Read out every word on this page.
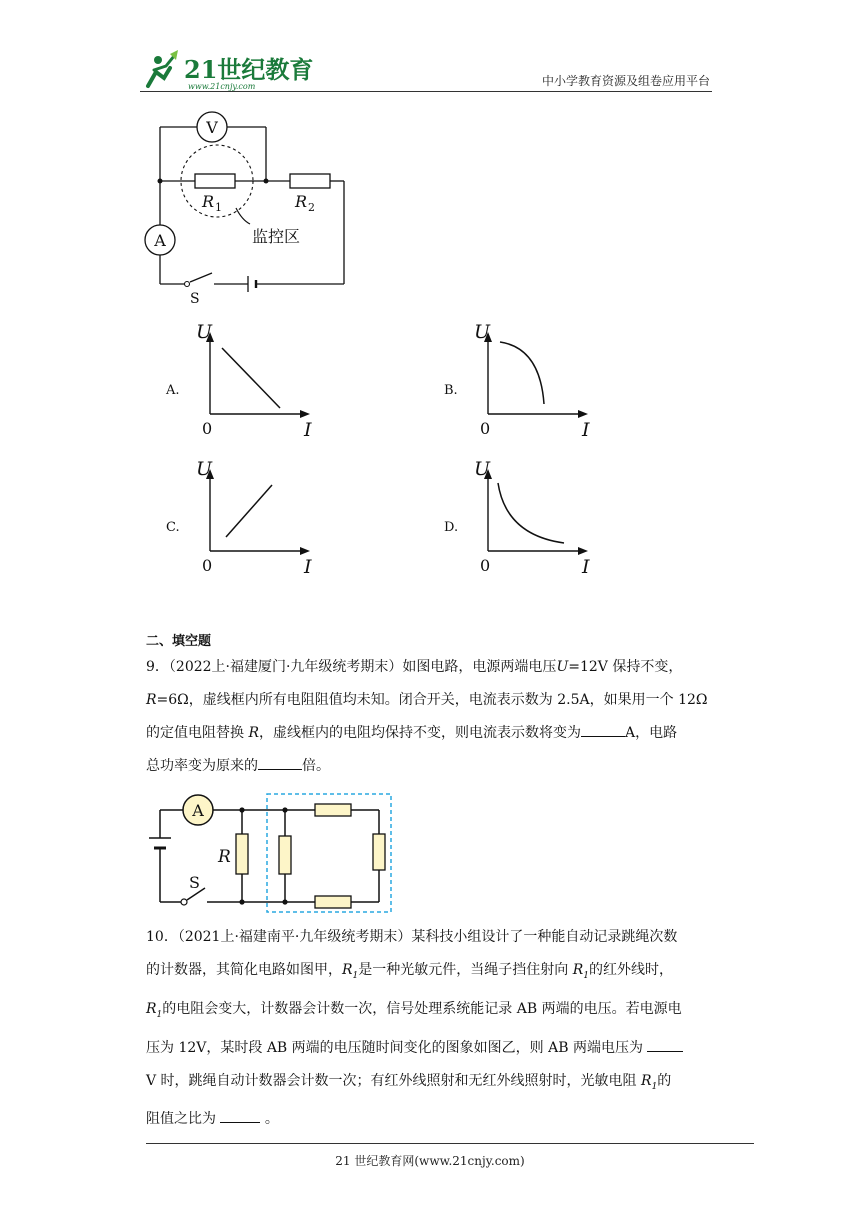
21世纪教育
www.21cnjy.com	中小学教育资源及组卷应用平台
V
R 1	R 2
监控区
A
S
A.
U
I
0
B.
U
I
0
C.
U
I
0
D.
U
I
0
二、填空题
9．（2022上·福建厦门·九年级统考期末）如图电路，电源两端电压U=12V 保持不变，
R=6Ω，虚线框内所有电阻阻值均未知。闭合开关，电流表示数为 2.5A，如果用一个 12Ω
的定值电阻替换 R，虚线框内的电阻均保持不变，则电流表示数将变为	A，电路
总功率变为原来的	倍。
A
S
R
10．（2021上·福建南平·九年级统考期末）某科技小组设计了一种能自动记录跳绳次数
的计数器，其简化电路如图甲，$R_1$是一种光敏元件，当绳子挡住射向 $R_1$的红外线时，
$R_1$的电阻会变大，计数器会计数一次，信号处理系统能记录 AB 两端的电压。若电源电
压为 12V，某时段 AB 两端的电压随时间变化的图象如图乙，则 AB 两端电压为
V 时，跳绳自动计数器会计数一次；有红外线照射和无红外线照射时，光敏电阻 $R_1$的
阻值之比为	。
21 世纪教育网(www.21cnjy.com)
